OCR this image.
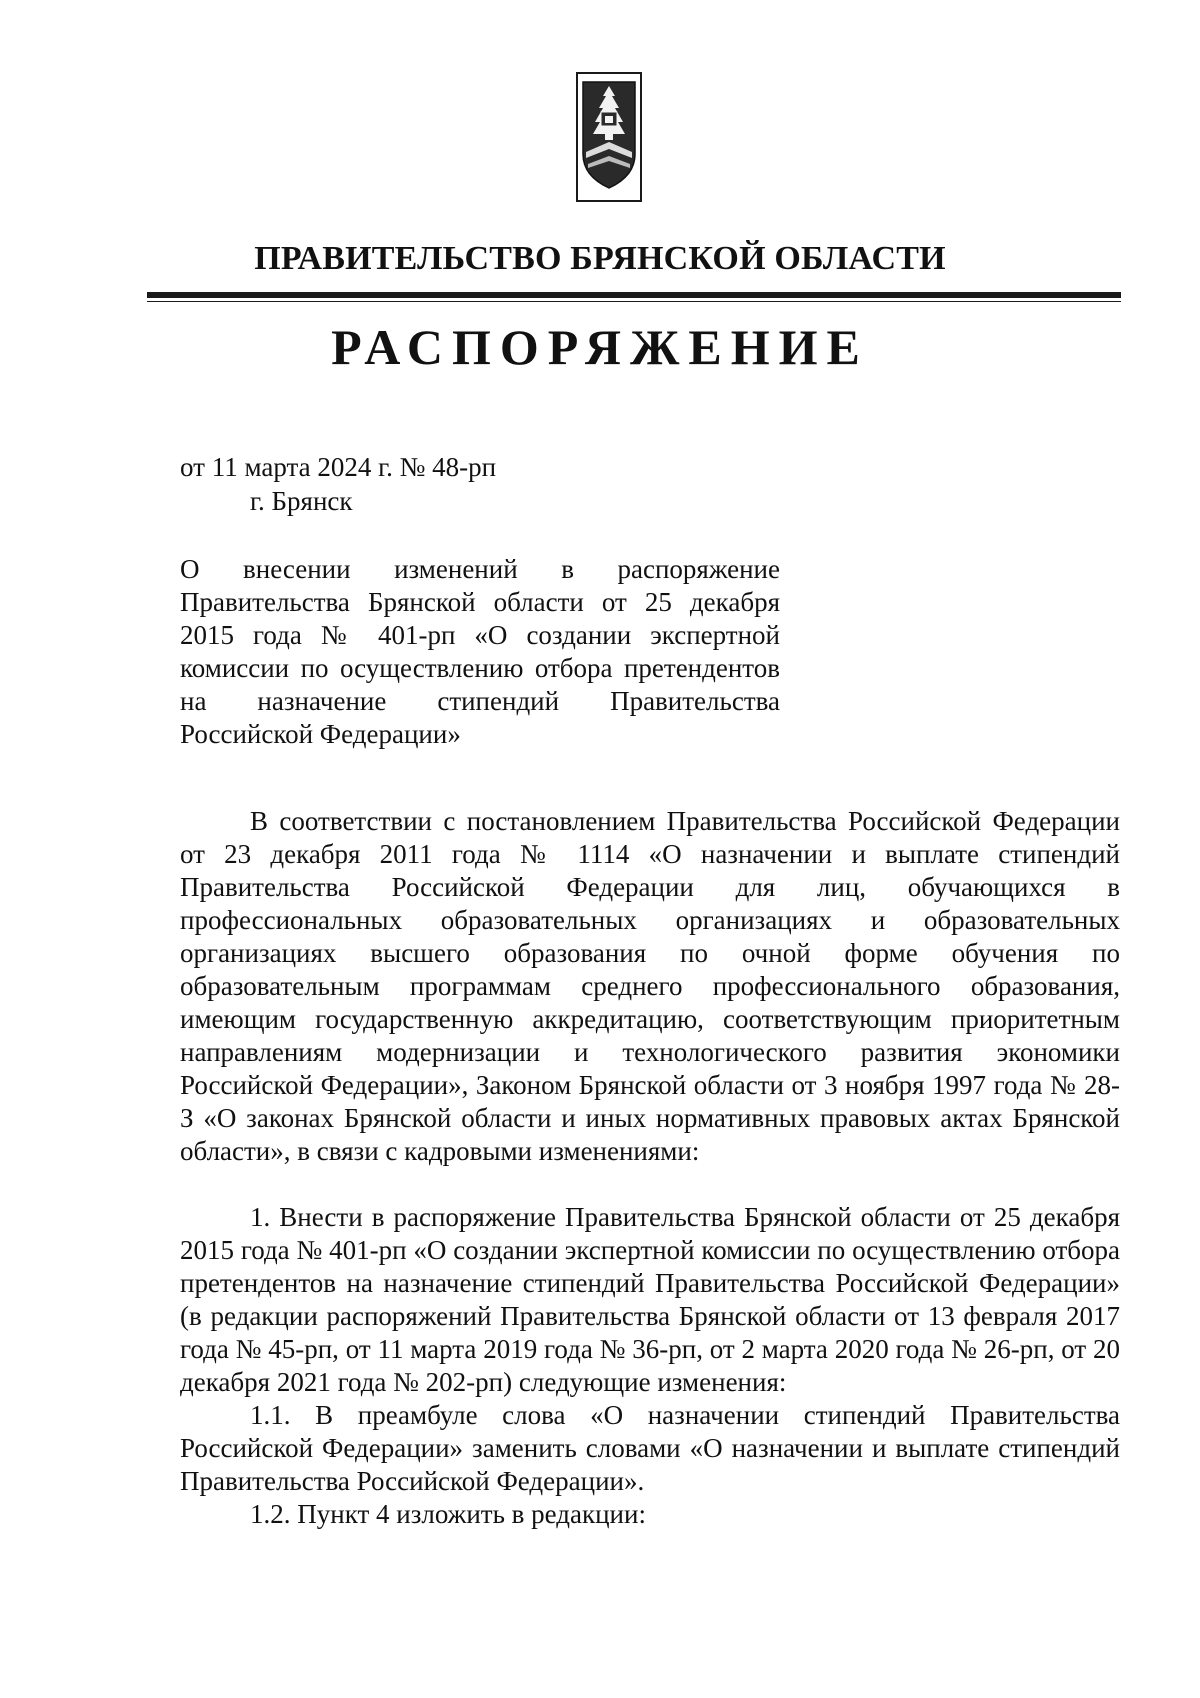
ПРАВИТЕЛЬСТВО БРЯНСКОЙ ОБЛАСТИ
РАСПОРЯЖЕНИЕ
от 11 марта 2024 г. № 48-рп
г. Брянск
О внесении изменений в распоряжение Правительства Брянской области от 25 декабря 2015 года № 401-рп «О создании экспертной комиссии по осуществлению отбора претендентов на назначение стипендий Правительства Российской Федерации»

В соответствии с постановлением Правительства Российской Федерации от 23 декабря 2011 года № 1114 «О назначении и выплате стипендий Правительства Российской Федерации для лиц, обучающихся в профессиональных образовательных организациях и образовательных организациях высшего образования по очной форме обучения по образовательным программам среднего профессионального образования, имеющим государственную аккредитацию, соответствующим приоритетным направлениям модернизации и технологического развития экономики Российской Федерации», Законом Брянской области от 3 ноября 1997 года № 28-З «О законах Брянской области и иных нормативных правовых актах Брянской области», в связи с кадровыми изменениями:

1. Внести в распоряжение Правительства Брянской области от 25 декабря 2015 года № 401-рп «О создании экспертной комиссии по осуществлению отбора претендентов на назначение стипендий Правительства Российской Федерации» (в редакции распоряжений Правительства Брянской области от 13 февраля 2017 года № 45-рп, от 11 марта 2019 года № 36-рп, от 2 марта 2020 года № 26-рп, от 20 декабря 2021 года № 202-рп) следующие изменения:

1.1. В преамбуле слова «О назначении стипендий Правительства Российской Федерации» заменить словами «О назначении и выплате стипендий Правительства Российской Федерации».

1.2. Пункт 4 изложить в редакции:
